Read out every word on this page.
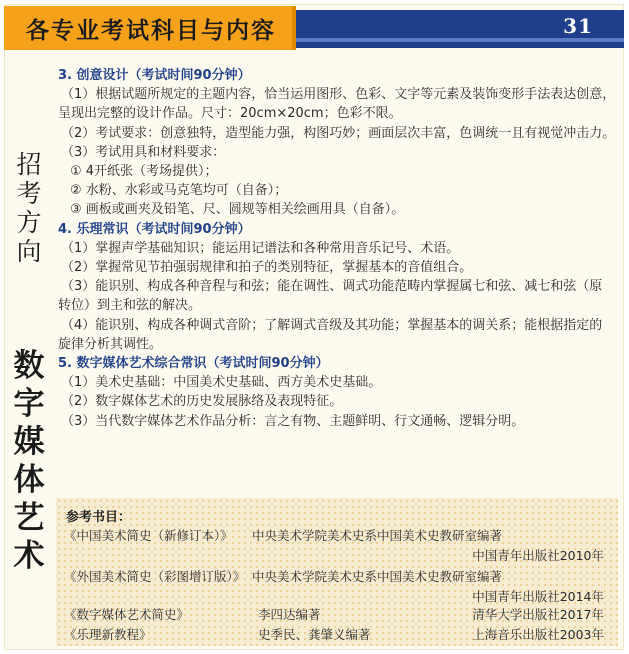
各专业考试科目与内容	31
招
考
方
向
数
字
媒
体
艺
术

3. 创意设计（考试时间90分钟）

（1）根据试题所规定的主题内容，恰当运用图形、色彩、文字等元素及装饰变形手法表达创意，

呈现出完整的设计作品。尺寸：20cm×20cm；色彩不限。

（2）考试要求：创意独特，造型能力强，构图巧妙；画面层次丰富，色调统一且有视觉冲击力。

（3）考试用具和材料要求：

① 4开纸张（考场提供）；

② 水粉、水彩或马克笔均可（自备）；

③ 画板或画夹及铅笔、尺、圆规等相关绘画用具（自备）。

4. 乐理常识（考试时间90分钟）

（1）掌握声学基础知识；能运用记谱法和各种常用音乐记号、术语。

（2）掌握常见节拍强弱规律和拍子的类别特征，掌握基本的音值组合。

（3）能识别、构成各种音程与和弦；能在调性、调式功能范畴内掌握属七和弦、减七和弦（原

转位）到主和弦的解决。

（4）能识别、构成各种调式音阶；了解调式音级及其功能；掌握基本的调关系；能根据指定的

旋律分析其调性。

5. 数字媒体艺术综合常识（考试时间90分钟）

（1）美术史基础：中国美术史基础、西方美术史基础。

（2）数字媒体艺术的历史发展脉络及表现特征。

（3）当代数字媒体艺术作品分析：言之有物、主题鲜明、行文通畅、逻辑分明。

参考书目：
《中国美术简史（新修订本）》 中央美术学院美术史系中国美术史教研室编著
中国青年出版社2010年
《外国美术简史（彩图增订版）》 中央美术学院美术史系中国美术史教研室编著
中国青年出版社2014年
《数字媒体艺术简史》	李四达编著	清华大学出版社2017年
《乐理新教程》	史季民、龚肇义编著	上海音乐出版社2003年
